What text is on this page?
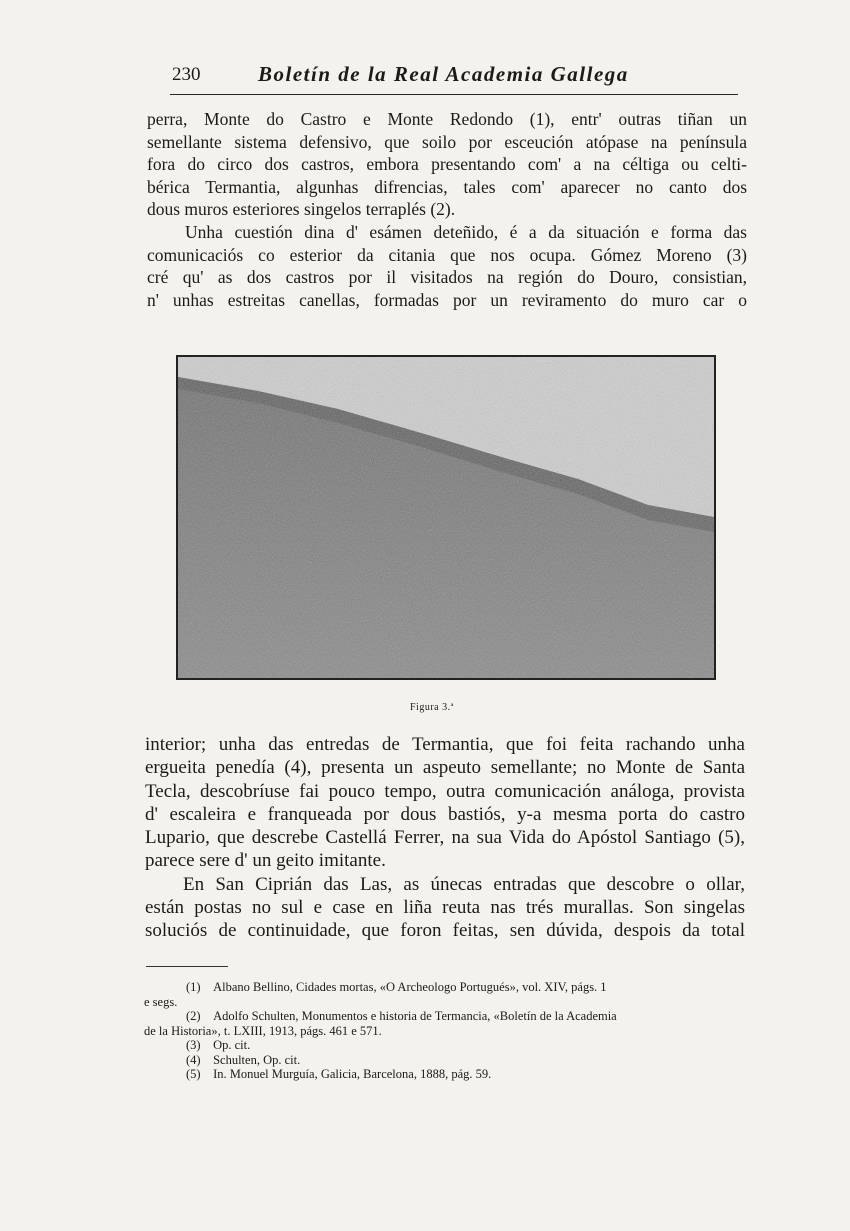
230	Boletín de la Real Academia Gallega
perra, Monte do Castro e Monte Redondo (1), entr' outras tiñan un
semellante sistema defensivo, que soilo por esceución atópase na península
fora do circo dos castros, embora presentando com' a na céltiga ou celti-
bérica Termantia, algunhas difrencias, tales com' aparecer no canto dos
dous muros esteriores singelos terraplés (2).
Unha cuestión dina d' esámen deteñido, é a da situación e forma das
comunicaciós co esterior da citania que nos ocupa. Gómez Moreno (3)
cré qu' as dos castros por il visitados na región do Douro, consistian,
n' unhas estreitas canellas, formadas por un reviramento do muro car o
Figura 3.ª
interior; unha das entredas de Termantia, que foi feita rachando unha
ergueita penedía (4), presenta un aspeuto semellante; no Monte de Santa
Tecla, descobríuse fai pouco tempo, outra comunicación análoga, provista
d' escaleira e franqueada por dous bastiós, y-a mesma porta do castro
Lupario, que descrebe Castellá Ferrer, na sua Vida do Apóstol Santiago (5),
parece sere d' un geito imitante.
En San Ciprián das Las, as únecas entradas que descobre o ollar,
están postas no sul e case en liña reuta nas trés murallas. Son singelas
soluciós de continuidade, que foron feitas, sen dúvida, despois da total
(1) Albano Bellino, Cidades mortas, «O Archeologo Portugués», vol. XIV, págs. 1
e segs.
(2) Adolfo Schulten, Monumentos e historia de Termancia, «Boletín de la Academia
de la Historia», t. LXIII, 1913, págs. 461 e 571.
(3) Op. cit.
(4) Schulten, Op. cit.
(5) In. Monuel Murguía, Galicia, Barcelona, 1888, pág. 59.
